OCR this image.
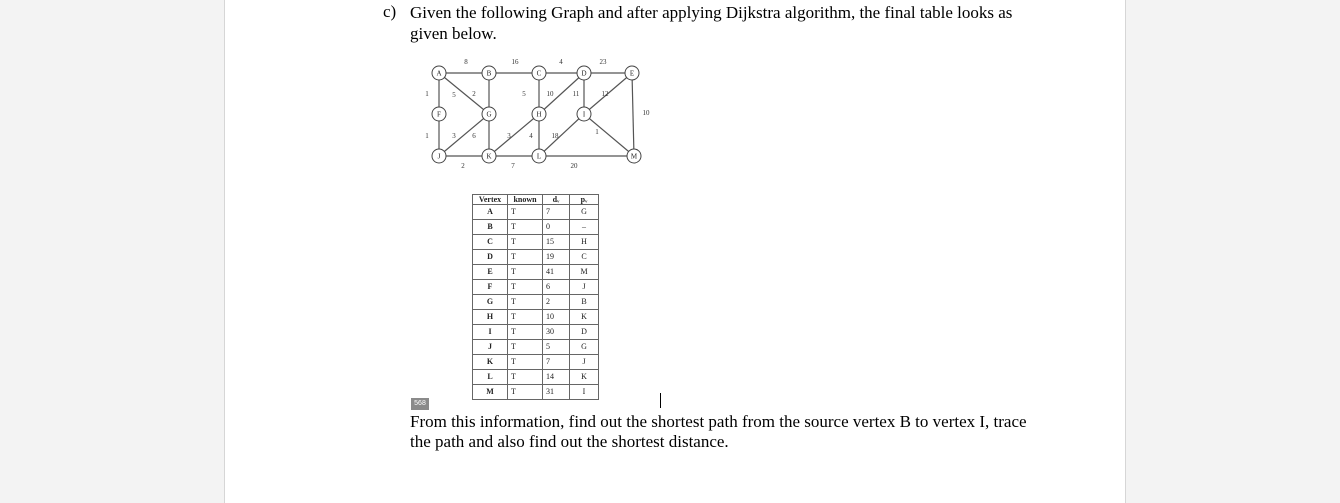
c) Given the following Graph and after applying Dijkstra algorithm, the final table looks as given below.
A	B	C	D	E
F	G	H	I
J	K	L	M
8	16	4	23
1	5 2	5	10	11	12
10
1	3 6	3	4	18	1
2	7	20
Vertex	known	dᵥ	pᵥ
A	T	7	G
B	T	0	–
C	T	15	H
D	T	19	C
E	T	41	M
F	T	6	J
G	T	2	B
H	T	10	K
I	T	30	D
J	T	5	G
K	T	7	J
L	T	14	K
M	T	31	I
568
From this information, find out the shortest path from the source vertex B to vertex I, trace the path and also find out the shortest distance.
